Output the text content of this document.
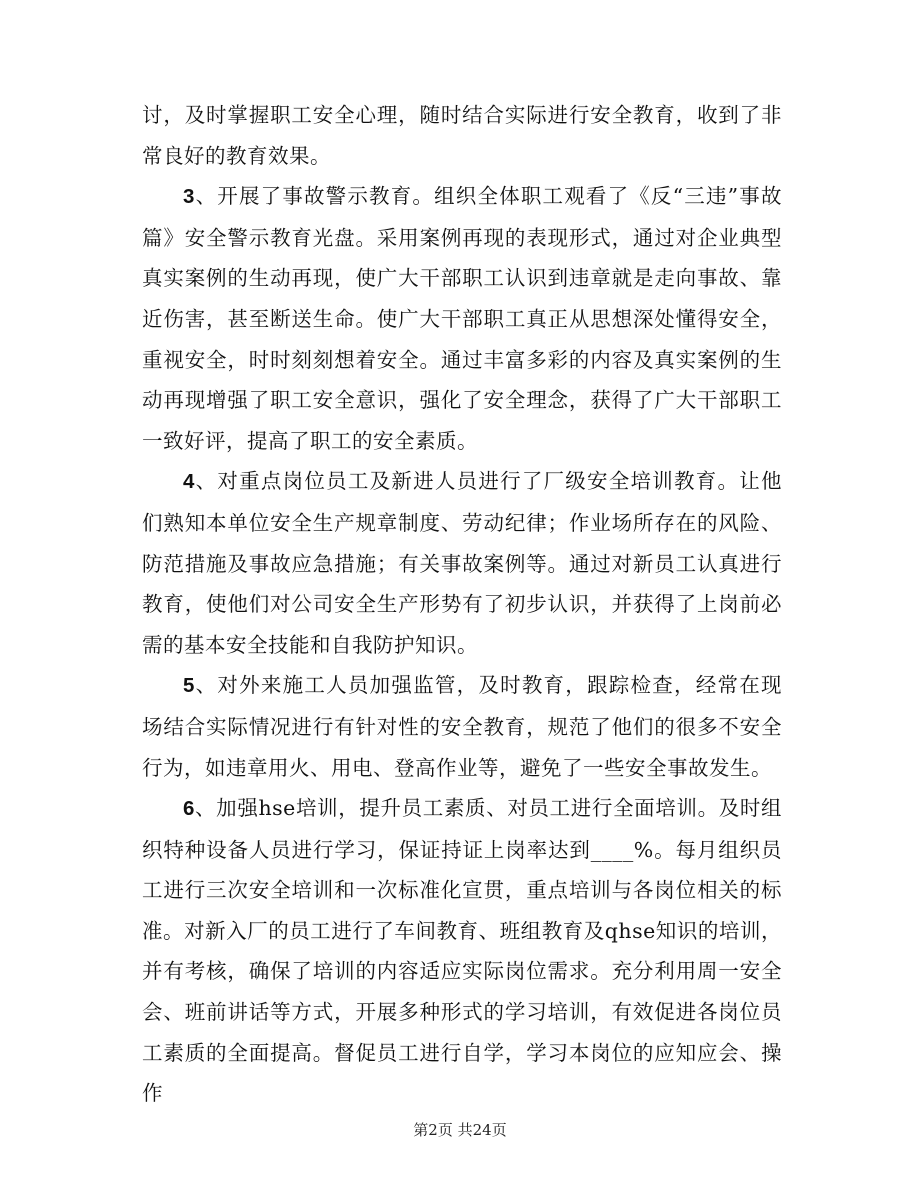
讨，及时掌握职工安全心理，随时结合实际进行安全教育，收到了非常良好的教育效果。

3、开展了事故警示教育。组织全体职工观看了《反“三违”事故篇》安全警示教育光盘。采用案例再现的表现形式，通过对企业典型真实案例的生动再现，使广大干部职工认识到违章就是走向事故、靠近伤害，甚至断送生命。使广大干部职工真正从思想深处懂得安全，重视安全，时时刻刻想着安全。通过丰富多彩的内容及真实案例的生动再现增强了职工安全意识，强化了安全理念，获得了广大干部职工一致好评，提高了职工的安全素质。

4、对重点岗位员工及新进人员进行了厂级安全培训教育。让他们熟知本单位安全生产规章制度、劳动纪律；作业场所存在的风险、防范措施及事故应急措施；有关事故案例等。通过对新员工认真进行教育，使他们对公司安全生产形势有了初步认识，并获得了上岗前必需的基本安全技能和自我防护知识。

5、对外来施工人员加强监管，及时教育，跟踪检查，经常在现场结合实际情况进行有针对性的安全教育，规范了他们的很多不安全行为，如违章用火、用电、登高作业等，避免了一些安全事故发生。

6、加强hse培训，提升员工素质、对员工进行全面培训。及时组织特种设备人员进行学习，保证持证上岗率达到____%。每月组织员工进行三次安全培训和一次标准化宣贯，重点培训与各岗位相关的标准。对新入厂的员工进行了车间教育、班组教育及qhse知识的培训，并有考核，确保了培训的内容适应实际岗位需求。充分利用周一安全会、班前讲话等方式，开展多种形式的学习培训，有效促进各岗位员工素质的全面提高。督促员工进行自学，学习本岗位的应知应会、操作

第2页 共24页
